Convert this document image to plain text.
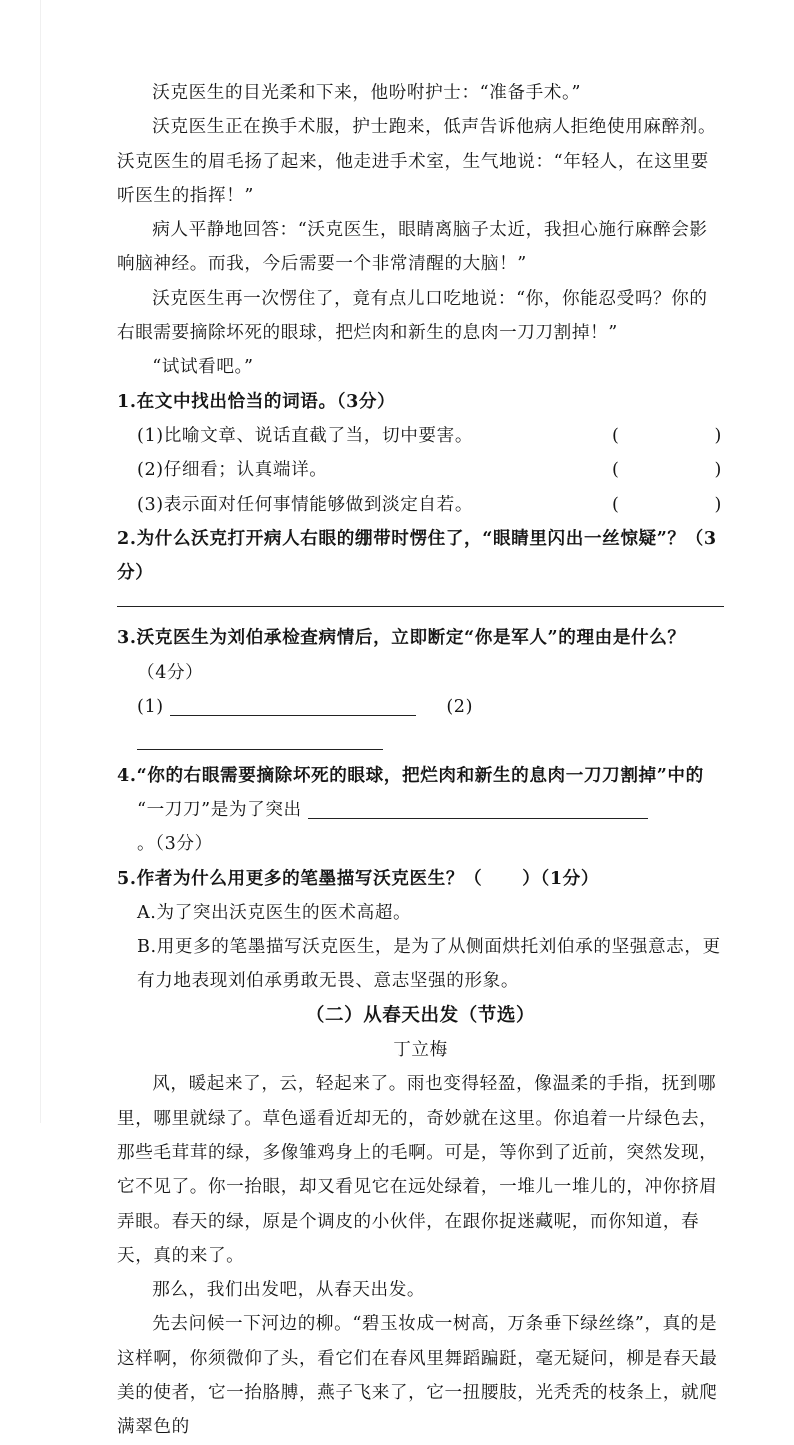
沃克医生的目光柔和下来，他吩咐护士：“准备手术。”

沃克医生正在换手术服，护士跑来，低声告诉他病人拒绝使用麻醉剂。沃克医生的眉毛扬了起来，他走进手术室，生气地说：“年轻人，在这里要听医生的指挥！”

病人平静地回答：“沃克医生，眼睛离脑子太近，我担心施行麻醉会影响脑神经。而我，今后需要一个非常清醒的大脑！”

沃克医生再一次愣住了，竟有点儿口吃地说：“你，你能忍受吗？你的右眼需要摘除坏死的眼球，把烂肉和新生的息肉一刀刀割掉！”

“试试看吧。”

1.在文中找出恰当的词语。（3分）

(1)比喻文章、说话直截了当，切中要害。	(	)
(2)仔细看；认真端详。	(	)
(3)表示面对任何事情能够做到淡定自若。	(	)

2.为什么沃克打开病人右眼的绷带时愣住了，“眼睛里闪出一丝惊疑”？（3分）

3.沃克医生为刘伯承检查病情后，立即断定“你是军人”的理由是什么？

（4分）

(1)	(2)

4.“你的右眼需要摘除坏死的眼球，把烂肉和新生的息肉一刀刀割掉”中的

“一刀刀”是为了突出  。（3分）

5.作者为什么用更多的笔墨描写沃克医生？（ ）（1分）

A.为了突出沃克医生的医术高超。

B.用更多的笔墨描写沃克医生，是为了从侧面烘托刘伯承的坚强意志，更有力地表现刘伯承勇敢无畏、意志坚强的形象。

（二）从春天出发（节选）

丁立梅

风，暖起来了，云，轻起来了。雨也变得轻盈，像温柔的手指，抚到哪里，哪里就绿了。草色遥看近却无的，奇妙就在这里。你追着一片绿色去，那些毛茸茸的绿，多像雏鸡身上的毛啊。可是，等你到了近前，突然发现，它不见了。你一抬眼，却又看见它在远处绿着，一堆儿一堆儿的，冲你挤眉弄眼。春天的绿，原是个调皮的小伙伴，在跟你捉迷藏呢，而你知道，春天，真的来了。

那么，我们出发吧，从春天出发。

先去问候一下河边的柳。“碧玉妆成一树高，万条垂下绿丝绦”，真的是这样啊，你须微仰了头，看它们在春风里舞蹈蹁跹，毫无疑问，柳是春天最美的使者，它一抬胳膊，燕子飞来了，它一扭腰肢，光秃秃的枝条上，就爬满翠色的
